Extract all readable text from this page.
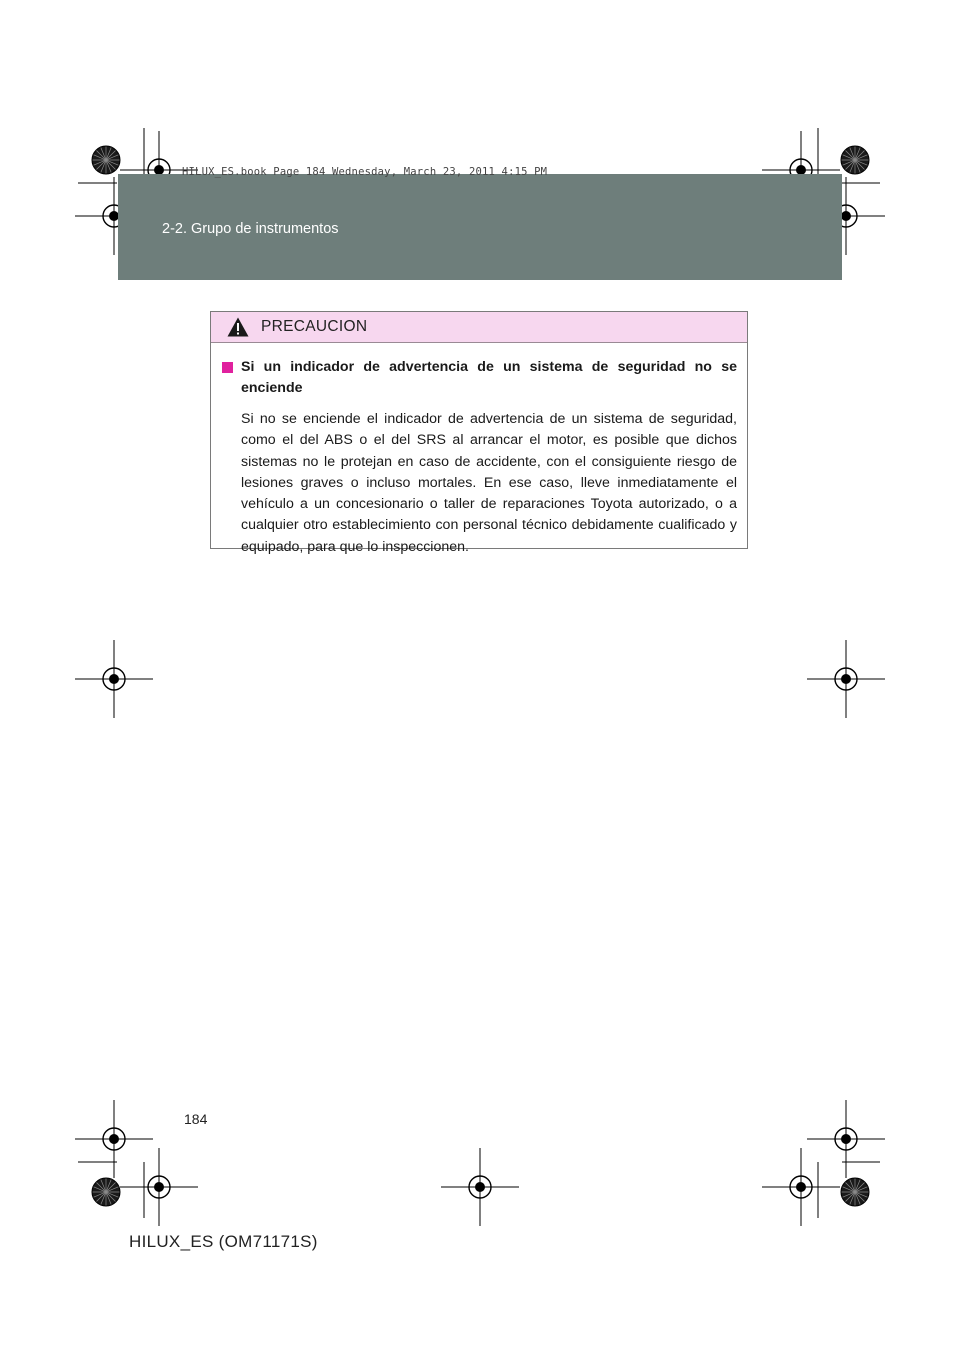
HILUX_ES.book Page 184 Wednesday, March 23, 2011 4:15 PM
2-2. Grupo de instrumentos
PRECAUCION

Si un indicador de advertencia de un sistema de seguridad no se enciende

Si no se enciende el indicador de advertencia de un sistema de seguridad, como el del ABS o el del SRS al arrancar el motor, es posible que dichos sistemas no le protejan en caso de accidente, con el consiguiente riesgo de lesiones graves o incluso mortales. En ese caso, lleve inmediatamente el vehículo a un concesionario o taller de reparaciones Toyota autorizado, o a cualquier otro establecimiento con personal técnico debidamente cualificado y equipado, para que lo inspeccionen.

184
HILUX_ES (OM71171S)
